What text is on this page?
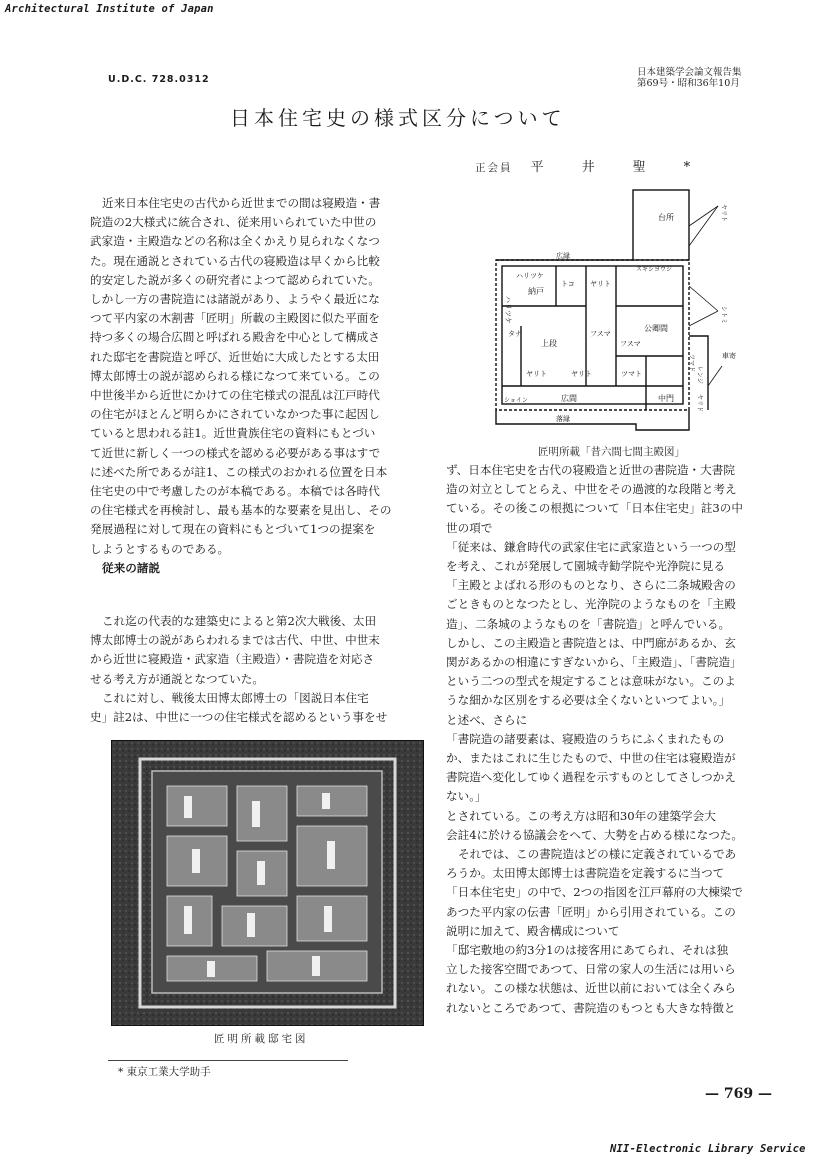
Architectural Institute of Japan
U.D.C. 728.0312
日本建築学会論文報告集
第69号・昭和36年10月
日本住宅史の様式区分について
正会員 平井聖*

近来日本住宅史の古代から近世までの間は寝殿造・書

院造の2大様式に統合され、従来用いられていた中世の

武家造・主殿造などの名称は全くかえり見られなくなつ

た。現在通説とされている古代の寝殿造は早くから比較

的安定した説が多くの研究者によつて認められていた。

しかし一方の書院造には諸説があり、ようやく最近にな

つて平内家の木割書「匠明」所載の主殿図に似た平面を

持つ多くの場合広間と呼ばれる殿舎を中心として構成さ

れた邸宅を書院造と呼び、近世始に大成したとする太田

博太郎博士の説が認められる様になつて来ている。この

中世後半から近世にかけての住宅様式の混乱は江戸時代

の住宅がほとんど明らかにされていなかつた事に起因し

ていると思われる註1。近世貴族住宅の資料にもとづい

て近世に新しく一つの様式を認める必要がある事はすで

に述べた所であるが註1、この様式のおかれる位置を日本

住宅史の中で考慮したのが本稿である。本稿では各時代

の住宅様式を再検討し、最も基本的な要素を見出し、その

発展過程に対して現在の資料にもとづいて1つの提案を

しようとするものである。

従来の諸説

これ迄の代表的な建築史によると第2次大戦後、太田

博太郎博士の説があらわれるまでは古代、中世、中世末

から近世に寝殿造・武家造（主殿造）・書院造を対応さ

せる考え方が通説となつていた。

これに対し、戦後太田博太郎博士の「図説日本住宅

史」註2は、中世に一つの住宅様式を認めるという事をせ

台所
広縁
ハリツケ
納戸
ハリツケ
トコ ヤリト
スギシヨウジ
タナ
上段
フスマ
フスマ
公卿間
ヤリト	ヤリト	ツマト
ショイン	広間
落縁
中門
車寄
ツマド
レンジ
ヤリド
シトミ
ヤリト
匠明所載「昔六間七間主殿図」

ず、日本住宅史を古代の寝殿造と近世の書院造・大書院

造の対立としてとらえ、中世をその過渡的な段階と考え

ている。その後この根拠について「日本住宅史」註3の中

世の項で

「従来は、鎌倉時代の武家住宅に武家造という一つの型

を考え、これが発展して園城寺勧学院や光浄院に見る

「主殿とよばれる形のものとなり、さらに二条城殿舎の

ごときものとなつたとし、光浄院のようなものを「主殿

造」、二条城のようなものを「書院造」と呼んでいる。

しかし、この主殿造と書院造とは、中門廊があるか、玄

関があるかの相違にすぎないから、「主殿造」、「書院造」

という二つの型式を規定することは意味がない。このよ

うな細かな区別をする必要は全くないといつてよい。」

と述べ、さらに

「書院造の諸要素は、寝殿造のうちにふくまれたもの

か、またはこれに生じたもので、中世の住宅は寝殿造が

書院造へ変化してゆく過程を示すものとしてさしつかえ

ない。」

とされている。この考え方は昭和30年の建築学会大

会註4に於ける協議会をへて、大勢を占める様になつた。

それでは、この書院造はどの様に定義されているであ

ろうか。太田博太郎博士は書院造を定義するに当つて

「日本住宅史」の中で、2つの指図を江戸幕府の大棟梁で

あつた平内家の伝書「匠明」から引用されている。この

説明に加えて、殿舎構成について

「邸宅敷地の約3分1のは接客用にあてられ、それは独

立した接客空間であつて、日常の家人の生活には用いら

れない。この様な状態は、近世以前においては全くみら

れないところであつて、書院造のもつとも大きな特徴と

匠明所載邸宅図
* 東京工業大学助手
— 769 —
NII-Electronic Library Service
